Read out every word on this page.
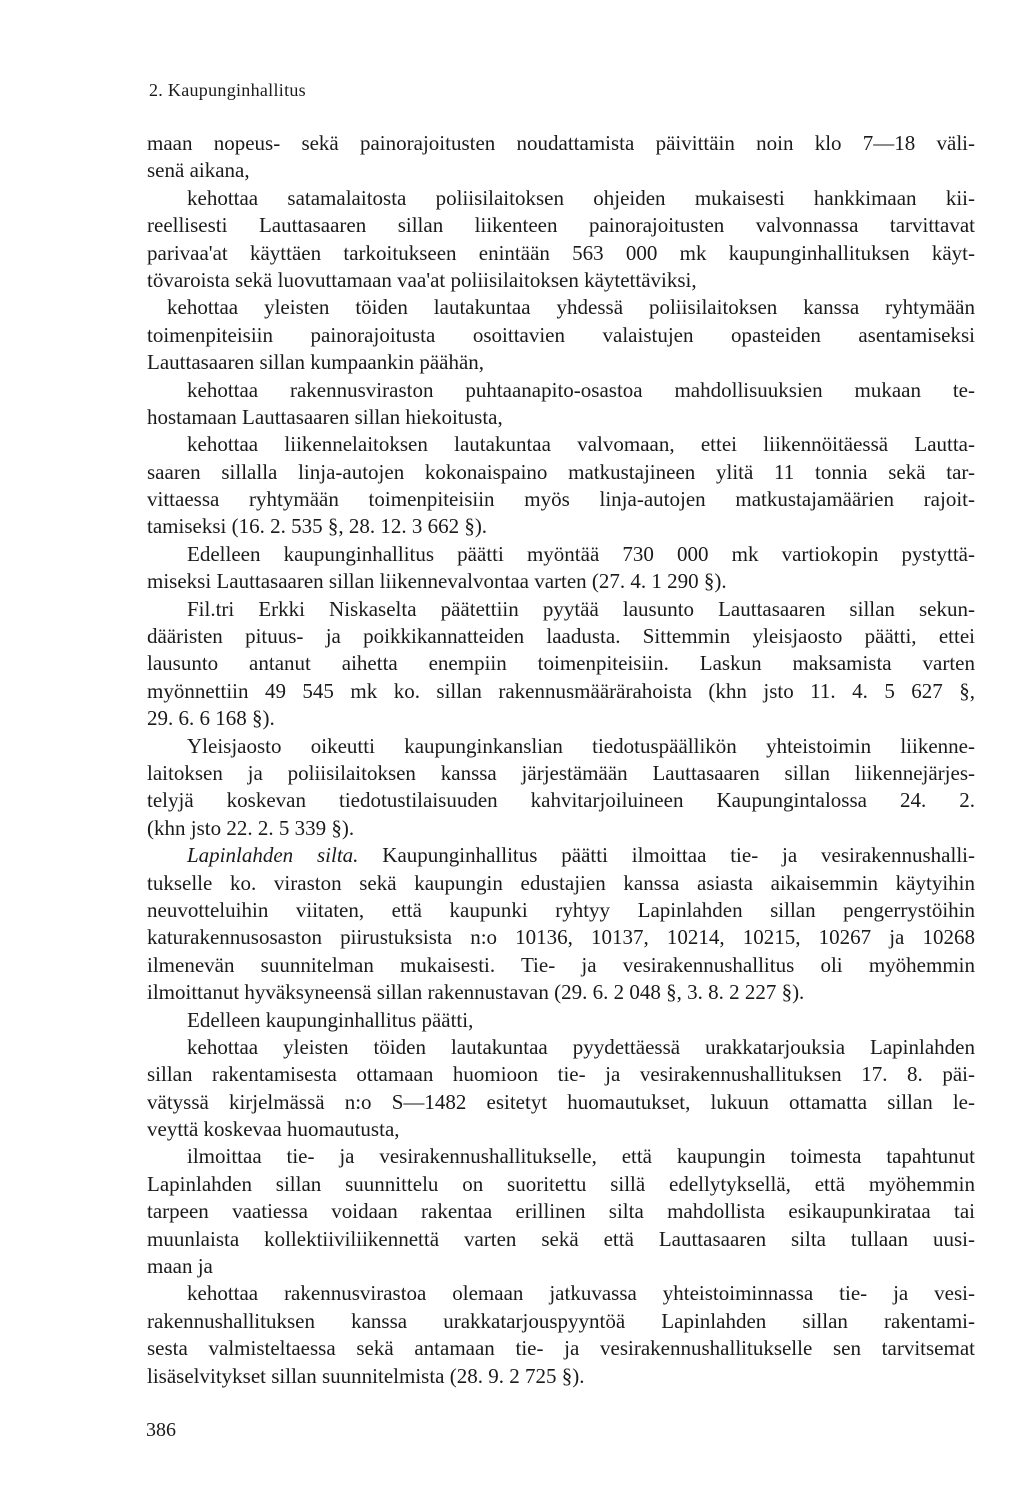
2. Kaupunginhallitus
maan nopeus- sekä painorajoitusten noudattamista päivittäin noin klo 7—18 väli-
senä aikana,
kehottaa satamalaitosta poliisilaitoksen ohjeiden mukaisesti hankkimaan kii-
reellisesti Lauttasaaren sillan liikenteen painorajoitusten valvonnassa tarvittavat
parivaa'at käyttäen tarkoitukseen enintään 563 000 mk kaupunginhallituksen käyt-
tövaroista sekä luovuttamaan vaa'at poliisilaitoksen käytettäviksi,
kehottaa yleisten töiden lautakuntaa yhdessä poliisilaitoksen kanssa ryhtymään
toimenpiteisiin painorajoitusta osoittavien valaistujen opasteiden asentamiseksi
Lauttasaaren sillan kumpaankin päähän,
kehottaa rakennusviraston puhtaanapito-osastoa mahdollisuuksien mukaan te-
hostamaan Lauttasaaren sillan hiekoitusta,
kehottaa liikennelaitoksen lautakuntaa valvomaan, ettei liikennöitäessä Lautta-
saaren sillalla linja-autojen kokonaispaino matkustajineen ylitä 11 tonnia sekä tar-
vittaessa ryhtymään toimenpiteisiin myös linja-autojen matkustajamäärien rajoit-
tamiseksi (16. 2. 535 §, 28. 12. 3 662 §).
Edelleen kaupunginhallitus päätti myöntää 730 000 mk vartiokopin pystyttä-
miseksi Lauttasaaren sillan liikennevalvontaa varten (27. 4. 1 290 §).
Fil.tri Erkki Niskaselta päätettiin pyytää lausunto Lauttasaaren sillan sekun-
dääristen pituus- ja poikkikannatteiden laadusta. Sittemmin yleisjaosto päätti, ettei
lausunto antanut aihetta enempiin toimenpiteisiin. Laskun maksamista varten
myönnettiin 49 545 mk ko. sillan rakennusmäärärahoista (khn jsto 11. 4. 5 627 §,
29. 6. 6 168 §).
Yleisjaosto oikeutti kaupunginkanslian tiedotuspäällikön yhteistoimin liikenne-
laitoksen ja poliisilaitoksen kanssa järjestämään Lauttasaaren sillan liikennejärjes-
telyjä koskevan tiedotustilaisuuden kahvitarjoiluineen Kaupungintalossa 24. 2.
(khn jsto 22. 2. 5 339 §).
Lapinlahden silta. Kaupunginhallitus päätti ilmoittaa tie- ja vesirakennushalli-
tukselle ko. viraston sekä kaupungin edustajien kanssa asiasta aikaisemmin käytyihin
neuvotteluihin viitaten, että kaupunki ryhtyy Lapinlahden sillan pengerrystöihin
katurakennusosaston piirustuksista n:o 10136, 10137, 10214, 10215, 10267 ja 10268
ilmenevän suunnitelman mukaisesti. Tie- ja vesirakennushallitus oli myöhemmin
ilmoittanut hyväksyneensä sillan rakennustavan (29. 6. 2 048 §, 3. 8. 2 227 §).
Edelleen kaupunginhallitus päätti,
kehottaa yleisten töiden lautakuntaa pyydettäessä urakkatarjouksia Lapinlahden
sillan rakentamisesta ottamaan huomioon tie- ja vesirakennushallituksen 17. 8. päi-
vätyssä kirjelmässä n:o S—1482 esitetyt huomautukset, lukuun ottamatta sillan le-
veyttä koskevaa huomautusta,
ilmoittaa tie- ja vesirakennushallitukselle, että kaupungin toimesta tapahtunut
Lapinlahden sillan suunnittelu on suoritettu sillä edellytyksellä, että myöhemmin
tarpeen vaatiessa voidaan rakentaa erillinen silta mahdollista esikaupunkirataa tai
muunlaista kollektiiviliikennettä varten sekä että Lauttasaaren silta tullaan uusi-
maan ja
kehottaa rakennusvirastoa olemaan jatkuvassa yhteistoiminnassa tie- ja vesi-
rakennushallituksen kanssa urakkatarjouspyyntöä Lapinlahden sillan rakentami-
sesta valmisteltaessa sekä antamaan tie- ja vesirakennushallitukselle sen tarvitsemat
lisäselvitykset sillan suunnitelmista (28. 9. 2 725 §).
386
